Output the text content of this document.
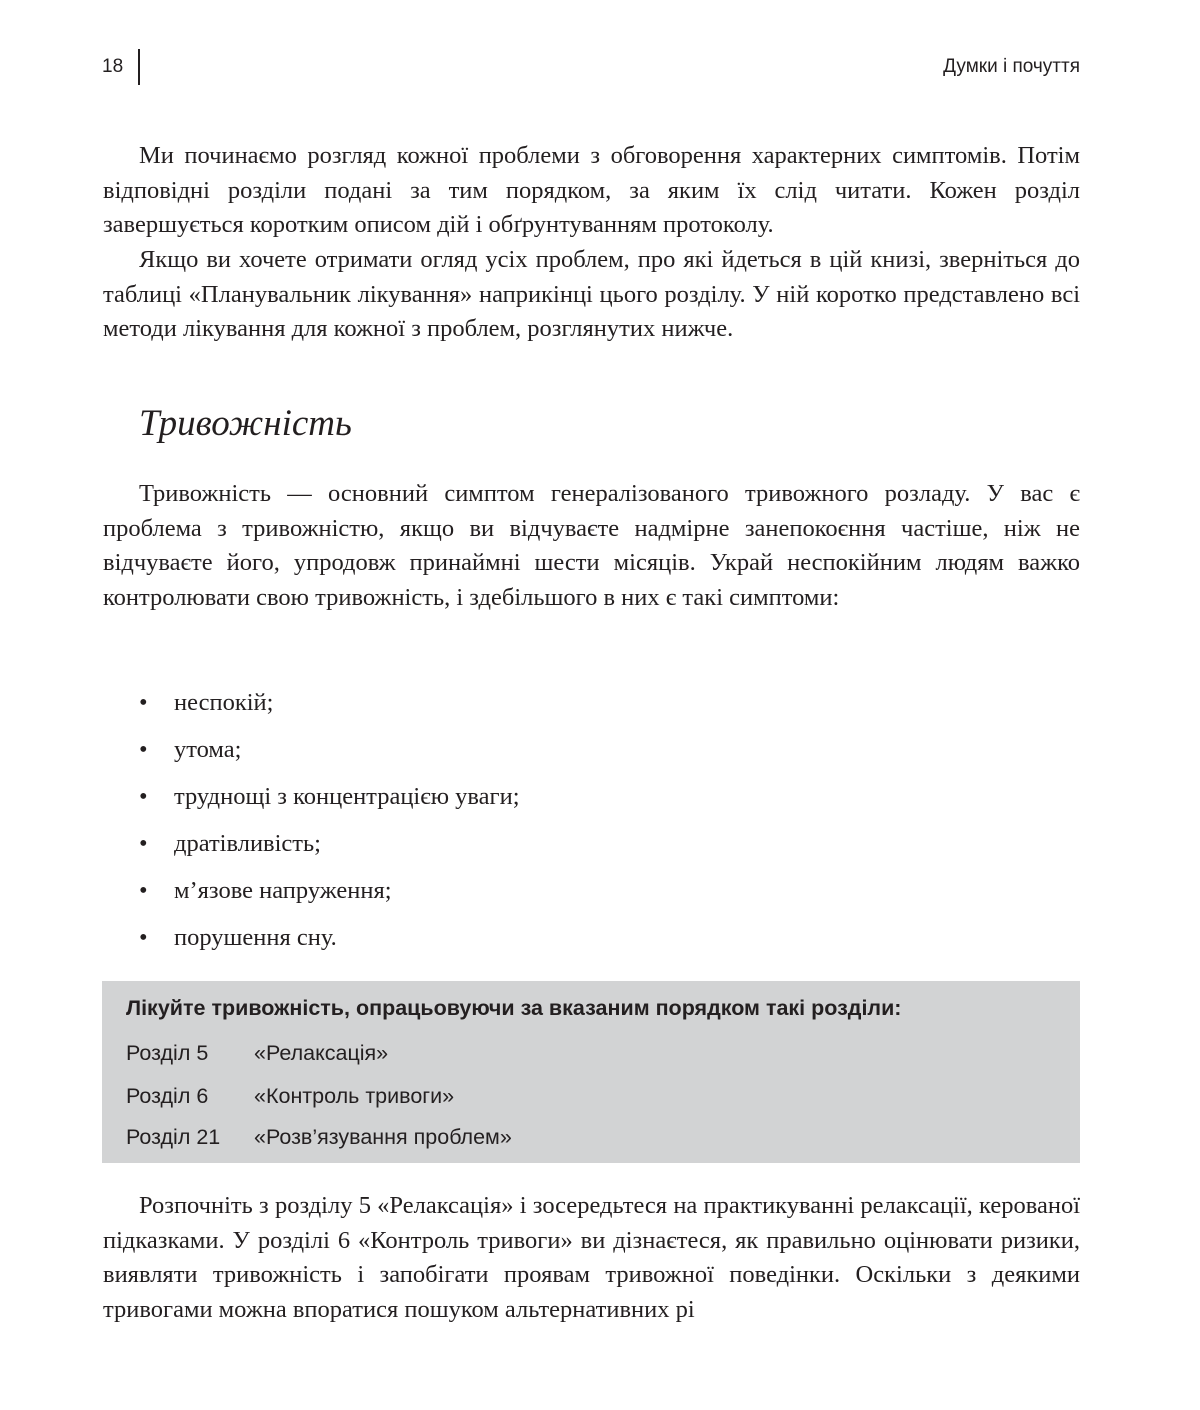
18	Думки і почуття

Ми починаємо розгляд кожної проблеми з обговорення характерних симптомів. Потім відповідні розділи подані за тим порядком, за яким їх слід читати. Кожен розділ завершується коротким описом дій і обґрунтуванням протоколу.

Якщо ви хочете отримати огляд усіх проблем, про які йдеться в цій книзі, зверніться до таблиці «Планувальник лікування» наприкінці цього розділу. У ній коротко представлено всі методи лікування для кожної з проблем, розглянутих нижче.

Тривожність

Тривожність — основний симптом генералізованого тривожного розладу. У вас є проблема з тривожністю, якщо ви відчуваєте надмірне занепокоєння частіше, ніж не відчуваєте його, упродовж принаймні шести місяців. Украй неспокійним людям важко контролювати свою тривожність, і здебільшого в них є такі симптоми:

• неспокій;
• утома;
• труднощі з концентрацією уваги;
• дратівливість;
• м’язове напруження;
• порушення сну.

Лікуйте тривожність, опрацьовуючи за вказаним порядком такі розділи:

Розділ 5 «Релаксація»
Розділ 6 «Контроль тривоги»
Розділ 21 «Розв’язування проблем»

Розпочніть з розділу 5 «Релаксація» і зосередьтеся на практикуванні релаксації, керованої підказками. У розділі 6 «Контроль тривоги» ви дізнаєтеся, як правильно оцінювати ризики, виявляти тривожність і запобігати проявам тривожної поведінки. Оскільки з деякими тривогами можна впоратися пошуком альтернативних рі
